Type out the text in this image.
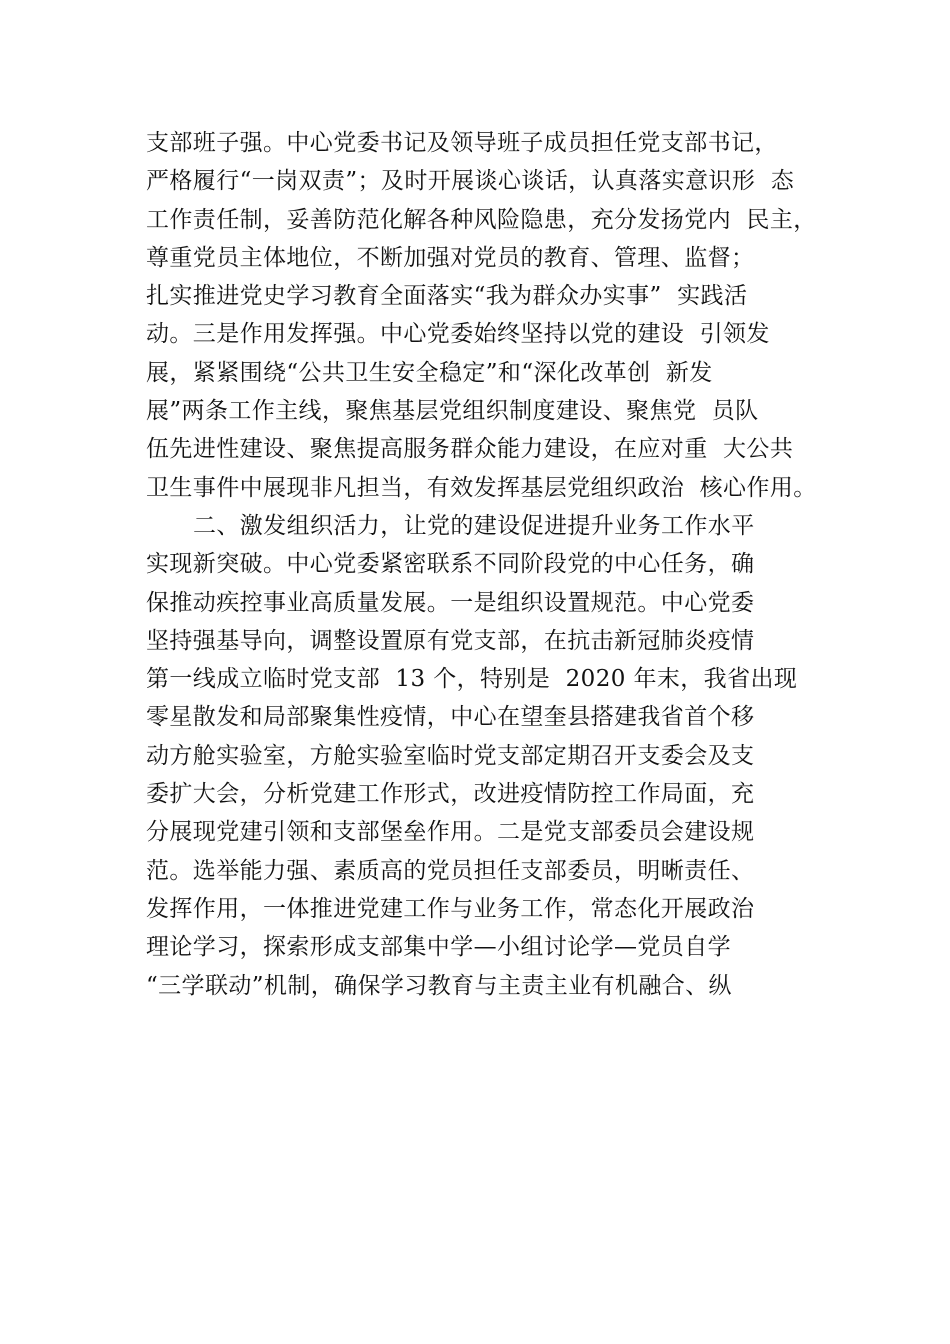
支部班子强。中心党委书记及领导班子成员担任党支部书记，
严格履行“一岗双责”；及时开展谈心谈话，认真落实意识形  态
工作责任制，妥善防范化解各种风险隐患，充分发扬党内  民主，
尊重党员主体地位，不断加强对党员的教育、管理、监督；
扎实推进党史学习教育全面落实“我为群众办实事”  实践活
动。三是作用发挥强。中心党委始终坚持以党的建设  引领发
展，紧紧围绕“公共卫生安全稳定”和“深化改革创  新发
展”两条工作主线，聚焦基层党组织制度建设、聚焦党  员队
伍先进性建设、聚焦提高服务群众能力建设，在应对重  大公共
卫生事件中展现非凡担当，有效发挥基层党组织政治  核心作用。
二、激发组织活力，让党的建设促进提升业务工作水平
实现新突破。中心党委紧密联系不同阶段党的中心任务，确
保推动疾控事业高质量发展。一是组织设置规范。中心党委
坚持强基导向，调整设置原有党支部，在抗击新冠肺炎疫情
第一线成立临时党支部  13 个，特别是  2020 年末，我省出现
零星散发和局部聚集性疫情，中心在望奎县搭建我省首个移
动方舱实验室，方舱实验室临时党支部定期召开支委会及支
委扩大会，分析党建工作形式，改进疫情防控工作局面，充
分展现党建引领和支部堡垒作用。二是党支部委员会建设规
范。选举能力强、素质高的党员担任支部委员，明晰责任、
发挥作用，一体推进党建工作与业务工作，常态化开展政治
理论学习，探索形成支部集中学—小组讨论学—党员自学
“三学联动”机制，确保学习教育与主责主业有机融合、纵
